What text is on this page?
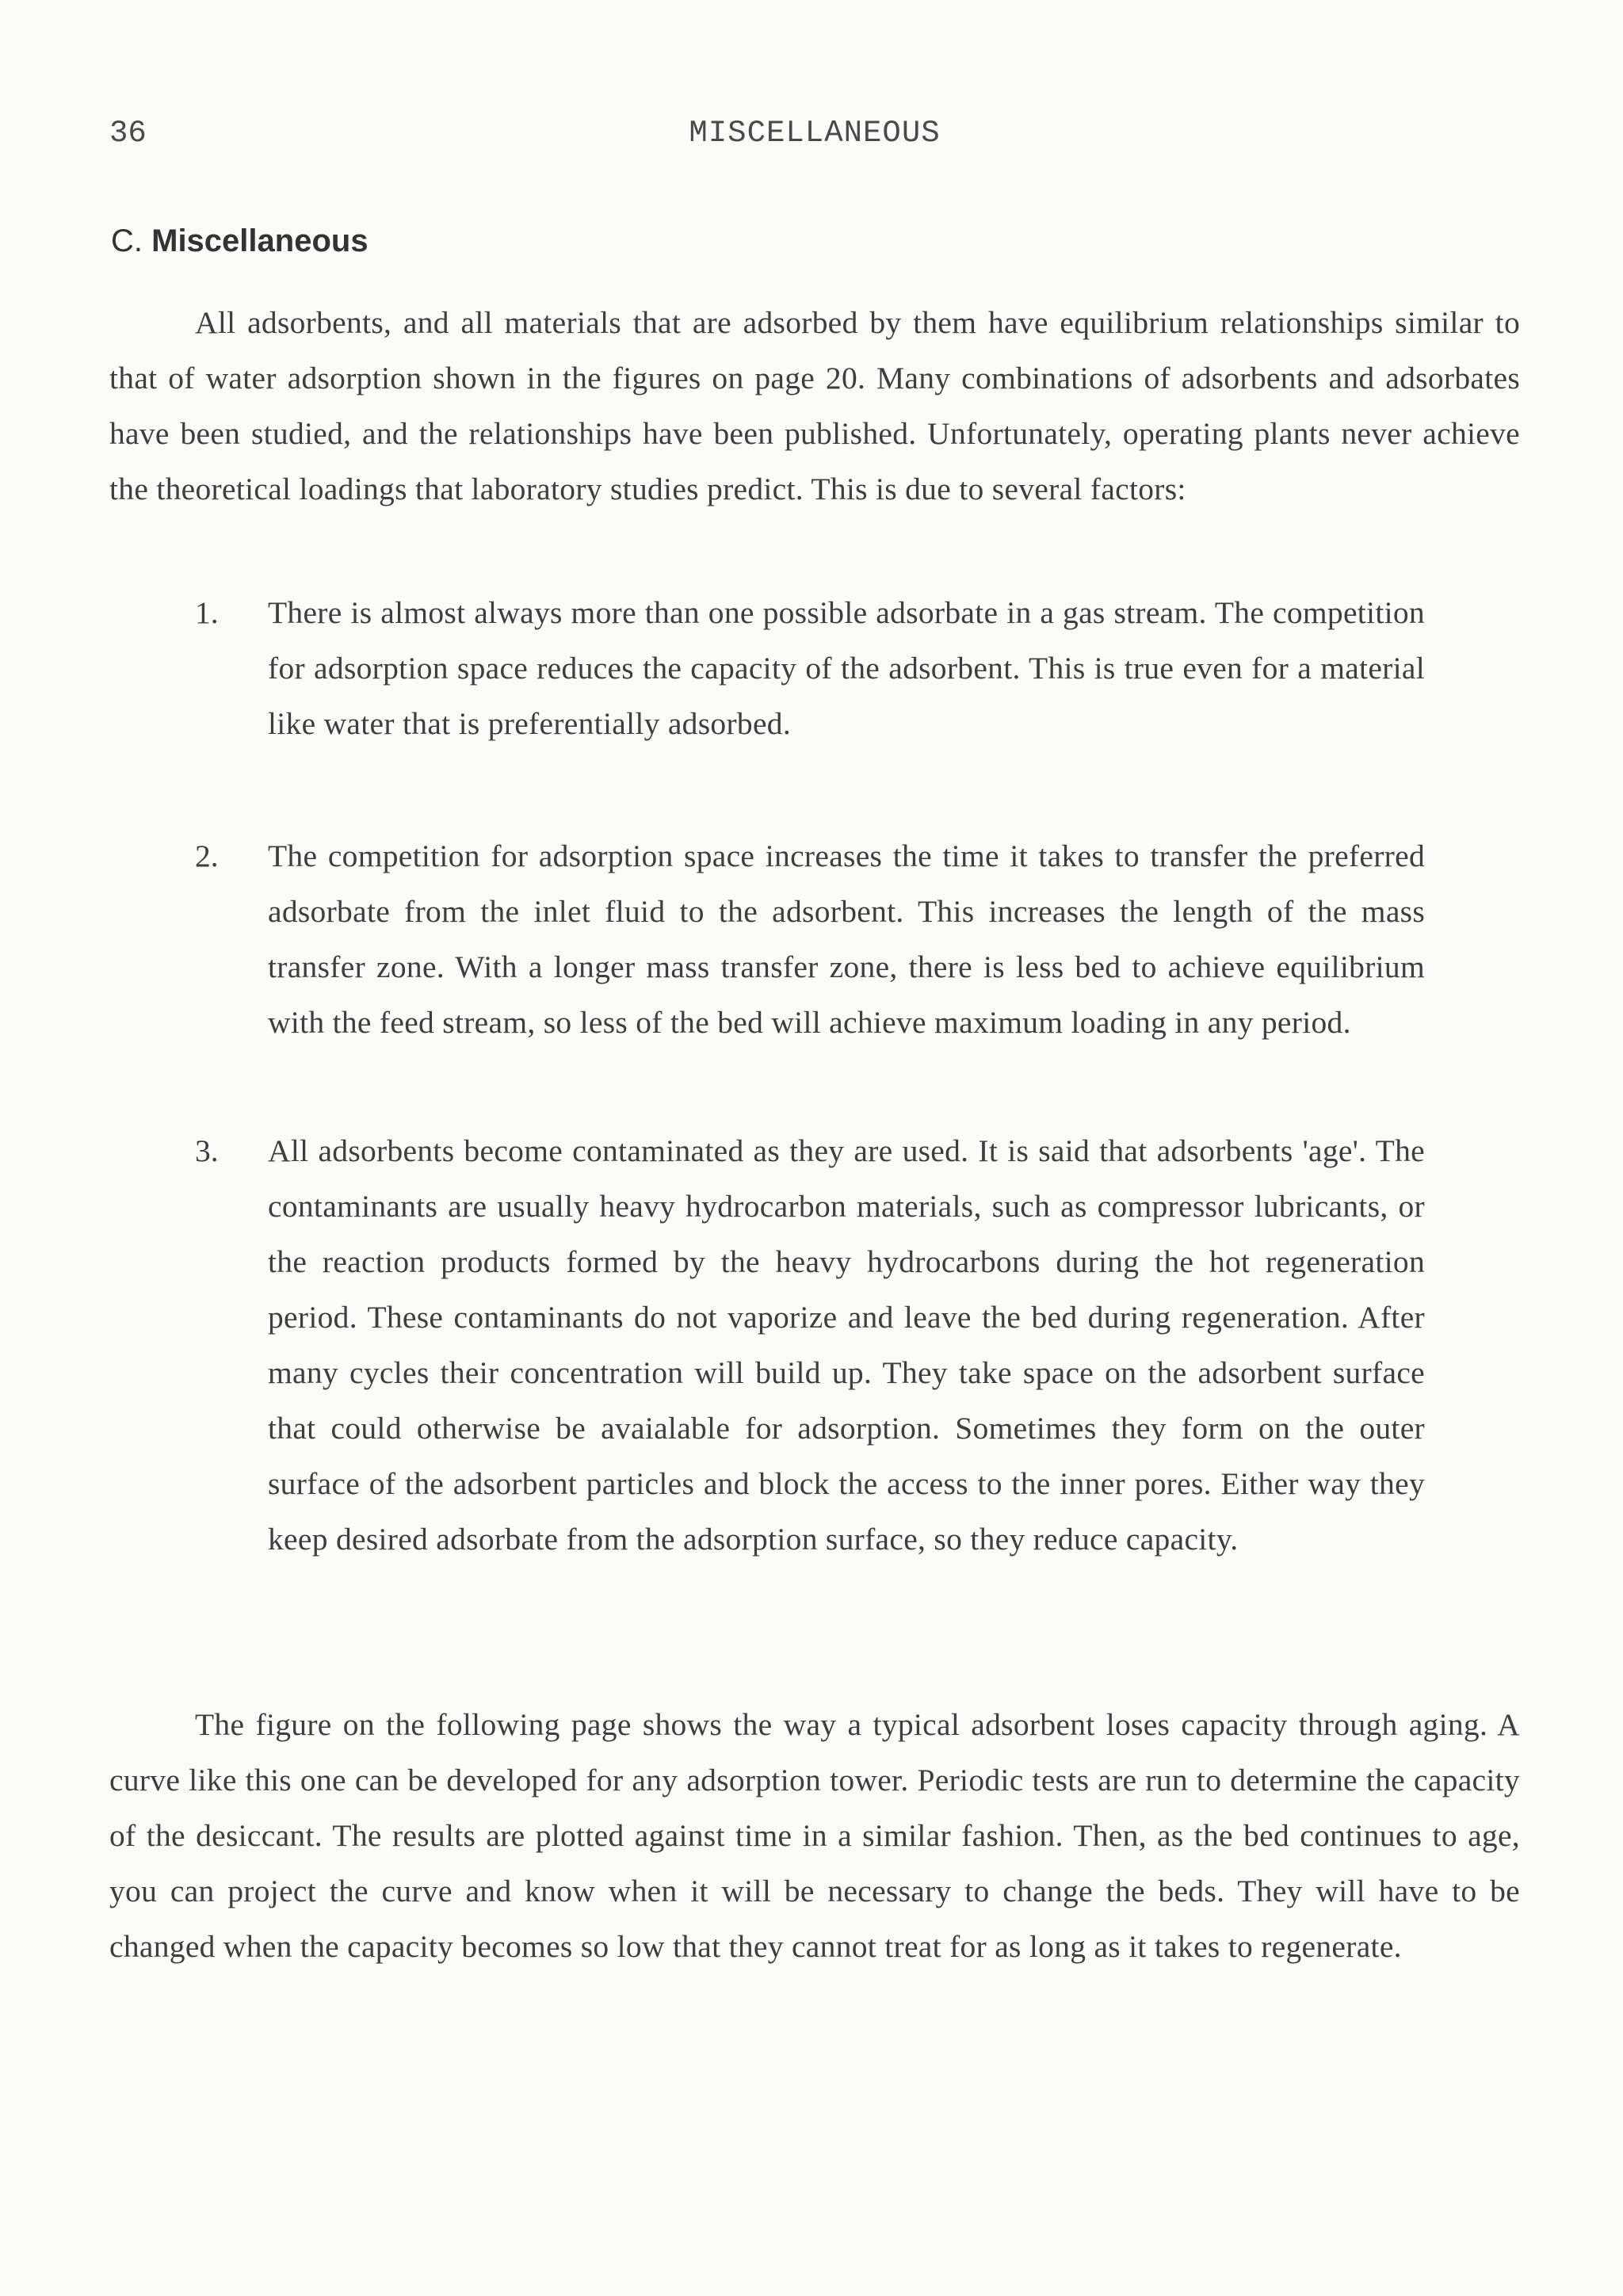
36	MISCELLANEOUS
C. Miscellaneous

All adsorbents, and all materials that are adsorbed by them have equilibrium relationships similar to that of water adsorption shown in the figures on page 20. Many combinations of adsorbents and adsorbates have been studied, and the relationships have been published. Unfortunately, operating plants never achieve the theoretical loadings that laboratory studies predict. This is due to several factors:

1. There is almost always more than one possible adsorbate in a gas stream. The competition for adsorption space reduces the capacity of the adsorbent. This is true even for a material like water that is preferentially adsorbed.

2. The competition for adsorption space increases the time it takes to transfer the preferred adsorbate from the inlet fluid to the adsorbent. This increases the length of the mass transfer zone. With a longer mass transfer zone, there is less bed to achieve equilibrium with the feed stream, so less of the bed will achieve maximum loading in any period.

3. All adsorbents become contaminated as they are used. It is said that adsorbents 'age'. The contaminants are usually heavy hydrocarbon materials, such as compressor lubricants, or the reaction products formed by the heavy hydrocarbons during the hot regeneration period. These contaminants do not vaporize and leave the bed during regeneration. After many cycles their concentration will build up. They take space on the adsorbent surface that could otherwise be avaialable for adsorption. Sometimes they form on the outer surface of the adsorbent particles and block the access to the inner pores. Either way they keep desired adsorbate from the adsorption surface, so they reduce capacity.

The figure on the following page shows the way a typical adsorbent loses capacity through aging. A curve like this one can be developed for any adsorption tower. Periodic tests are run to determine the capacity of the desiccant. The results are plotted against time in a similar fashion. Then, as the bed continues to age, you can project the curve and know when it will be necessary to change the beds. They will have to be changed when the capacity becomes so low that they cannot treat for as long as it takes to regenerate.
